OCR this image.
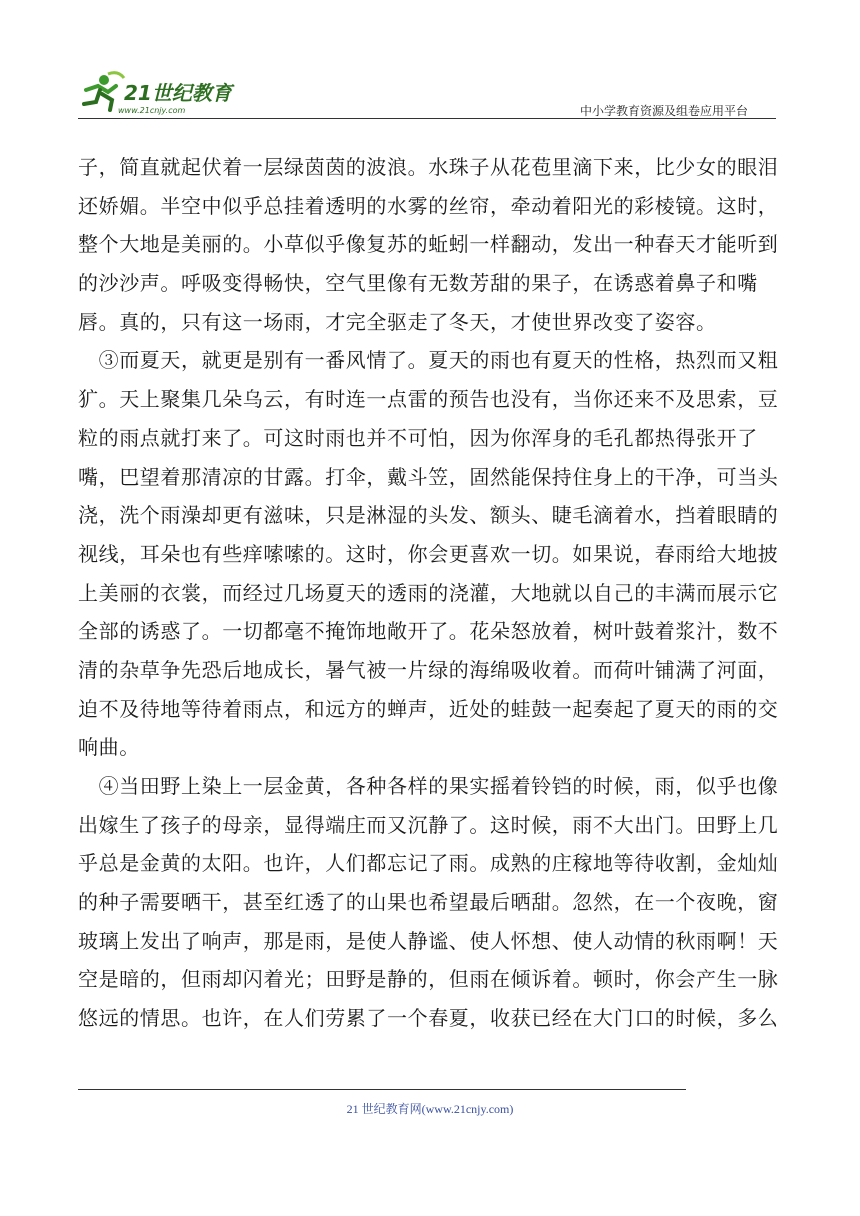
21世纪教育
www.21cnjy.com	中小学教育资源及组卷应用平台
子，简直就起伏着一层绿茵茵的波浪。水珠子从花苞里滴下来，比少女的眼泪
还娇媚。半空中似乎总挂着透明的水雾的丝帘，牵动着阳光的彩棱镜。这时，
整个大地是美丽的。小草似乎像复苏的蚯蚓一样翻动，发出一种春天才能听到
的沙沙声。呼吸变得畅快，空气里像有无数芳甜的果子，在诱惑着鼻子和嘴
唇。真的，只有这一场雨，才完全驱走了冬天，才使世界改变了姿容。
　③而夏天，就更是别有一番风情了。夏天的雨也有夏天的性格，热烈而又粗
犷。天上聚集几朵乌云，有时连一点雷的预告也没有，当你还来不及思索，豆
粒的雨点就打来了。可这时雨也并不可怕，因为你浑身的毛孔都热得张开了
嘴，巴望着那清凉的甘露。打伞，戴斗笠，固然能保持住身上的干净，可当头
浇，洗个雨澡却更有滋味，只是淋湿的头发、额头、睫毛滴着水，挡着眼睛的
视线，耳朵也有些痒嗦嗦的。这时，你会更喜欢一切。如果说，春雨给大地披
上美丽的衣裳，而经过几场夏天的透雨的浇灌，大地就以自己的丰满而展示它
全部的诱惑了。一切都毫不掩饰地敞开了。花朵怒放着，树叶鼓着浆汁，数不
清的杂草争先恐后地成长，暑气被一片绿的海绵吸收着。而荷叶铺满了河面，
迫不及待地等待着雨点，和远方的蝉声，近处的蛙鼓一起奏起了夏天的雨的交
响曲。
　④当田野上染上一层金黄，各种各样的果实摇着铃铛的时候，雨，似乎也像
出嫁生了孩子的母亲，显得端庄而又沉静了。这时候，雨不大出门。田野上几
乎总是金黄的太阳。也许，人们都忘记了雨。成熟的庄稼地等待收割，金灿灿
的种子需要晒干，甚至红透了的山果也希望最后晒甜。忽然，在一个夜晚，窗
玻璃上发出了响声，那是雨，是使人静谧、使人怀想、使人动情的秋雨啊！天
空是暗的，但雨却闪着光；田野是静的，但雨在倾诉着。顿时，你会产生一脉
悠远的情思。也许，在人们劳累了一个春夏，收获已经在大门口的时候，多么
21 世纪教育网(www.21cnjy.com)
